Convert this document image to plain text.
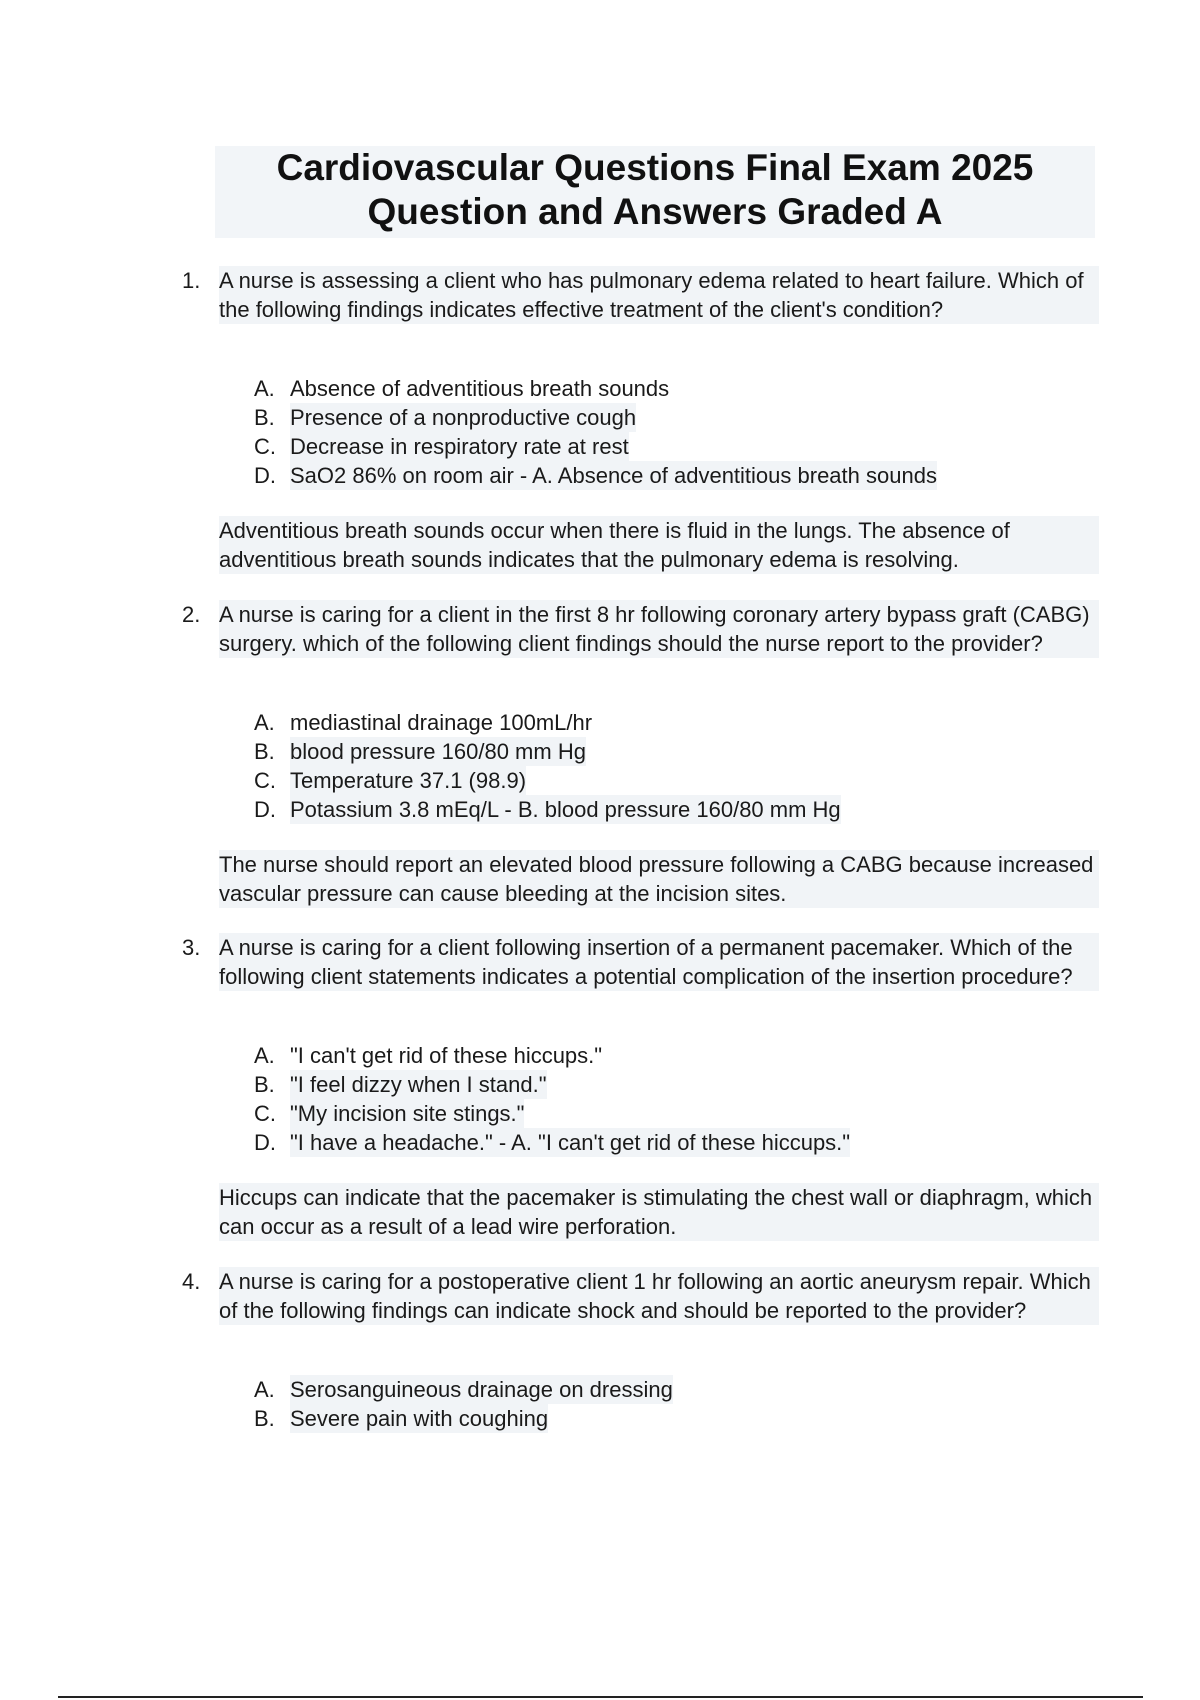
Cardiovascular Questions Final Exam 2025
Question and Answers Graded A
1. A nurse is assessing a client who has pulmonary edema related to heart failure. Which of the following findings indicates effective treatment of the client's condition?
A. Absence of adventitious breath sounds
B. Presence of a nonproductive cough
C. Decrease in respiratory rate at rest
D. SaO2 86% on room air - A. Absence of adventitious breath sounds
Adventitious breath sounds occur when there is fluid in the lungs. The absence of adventitious breath sounds indicates that the pulmonary edema is resolving.
2. A nurse is caring for a client in the first 8 hr following coronary artery bypass graft (CABG) surgery. which of the following client findings should the nurse report to the provider?
A. mediastinal drainage 100mL/hr
B. blood pressure 160/80 mm Hg
C. Temperature 37.1 (98.9)
D. Potassium 3.8 mEq/L - B. blood pressure 160/80 mm Hg
The nurse should report an elevated blood pressure following a CABG because increased vascular pressure can cause bleeding at the incision sites.
3. A nurse is caring for a client following insertion of a permanent pacemaker. Which of the following client statements indicates a potential complication of the insertion procedure?
A. "I can't get rid of these hiccups."
B. "I feel dizzy when I stand."
C. "My incision site stings."
D. "I have a headache." - A. "I can't get rid of these hiccups."
Hiccups can indicate that the pacemaker is stimulating the chest wall or diaphragm, which can occur as a result of a lead wire perforation.
4. A nurse is caring for a postoperative client 1 hr following an aortic aneurysm repair. Which of the following findings can indicate shock and should be reported to the provider?
A. Serosanguineous drainage on dressing
B. Severe pain with coughing
